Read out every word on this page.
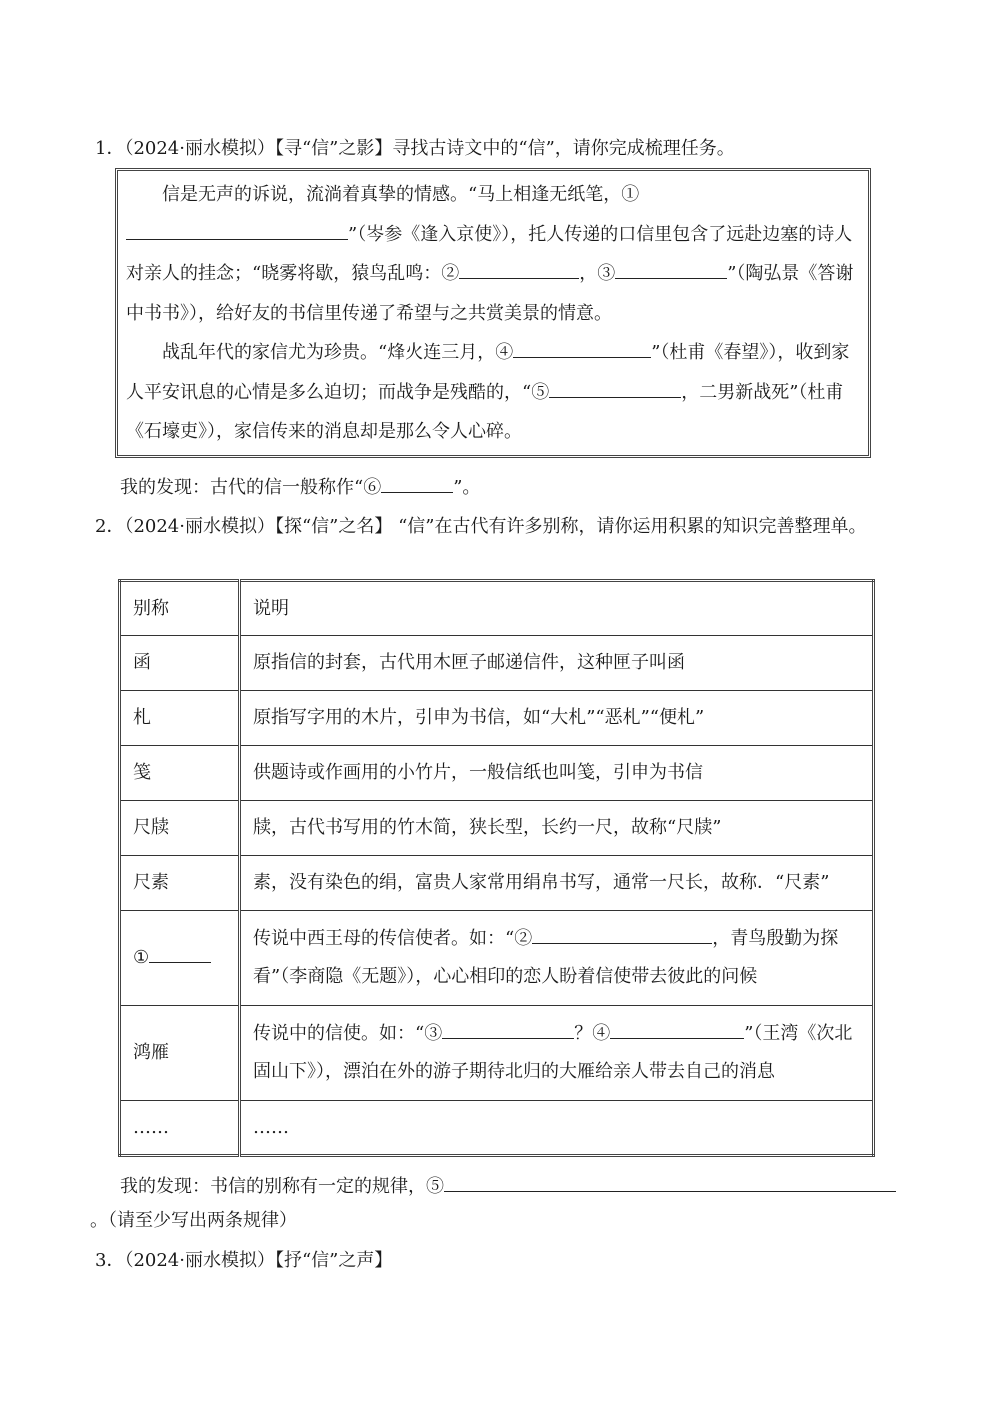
1．（2024·丽水模拟）【寻“信”之影】寻找古诗文中的“信”，请你完成梳理任务。

信是无声的诉说，流淌着真挚的情感。“马上相逢无纸笔，①”（岑参《逢入京使》），托人传递的口信里包含了远赴边塞的诗人对亲人的挂念；“晓雾将歇，猿鸟乱鸣：②	，③	”（陶弘景《答谢中书书》），给好友的书信里传递了希望与之共赏美景的情意。

战乱年代的家信尤为珍贵。“烽火连三月，④	”（杜甫《春望》），收到家人平安讯息的心情是多么迫切；而战争是残酷的，“⑤	，二男新战死”（杜甫《石壕吏》），家信传来的消息却是那么令人心碎。

我的发现：古代的信一般称作“⑥	”。
2．（2024·丽水模拟）【探“信”之名】 “信”在古代有许多别称，请你运用积累的知识完善整理单。
别称	说明
函	原指信的封套，古代用木匣子邮递信件，这种匣子叫函
札	原指写字用的木片，引申为书信，如“大札”“恶札”“便札”
笺	供题诗或作画用的小竹片，一般信纸也叫笺，引申为书信
尺牍	牍，古代书写用的竹木简，狭长型，长约一尺，故称“尺牍”
尺素	素，没有染色的绢，富贵人家常用绢帛书写，通常一尺长，故称．“尺素”
①	传说中西王母的传信使者。如：“② ，青鸟殷勤为探看”（李商隐《无题》），心心相印的恋人盼着信使带去彼此的问候
鸿雁	传说中的信使。如：“③ ？④ ”（王湾《次北固山下》），漂泊在外的游子期待北归的大雁给亲人带去自己的消息
……	……
我的发现：书信的别称有一定的规律，⑤
。（请至少写出两条规律）
3．（2024·丽水模拟）【抒“信”之声】
